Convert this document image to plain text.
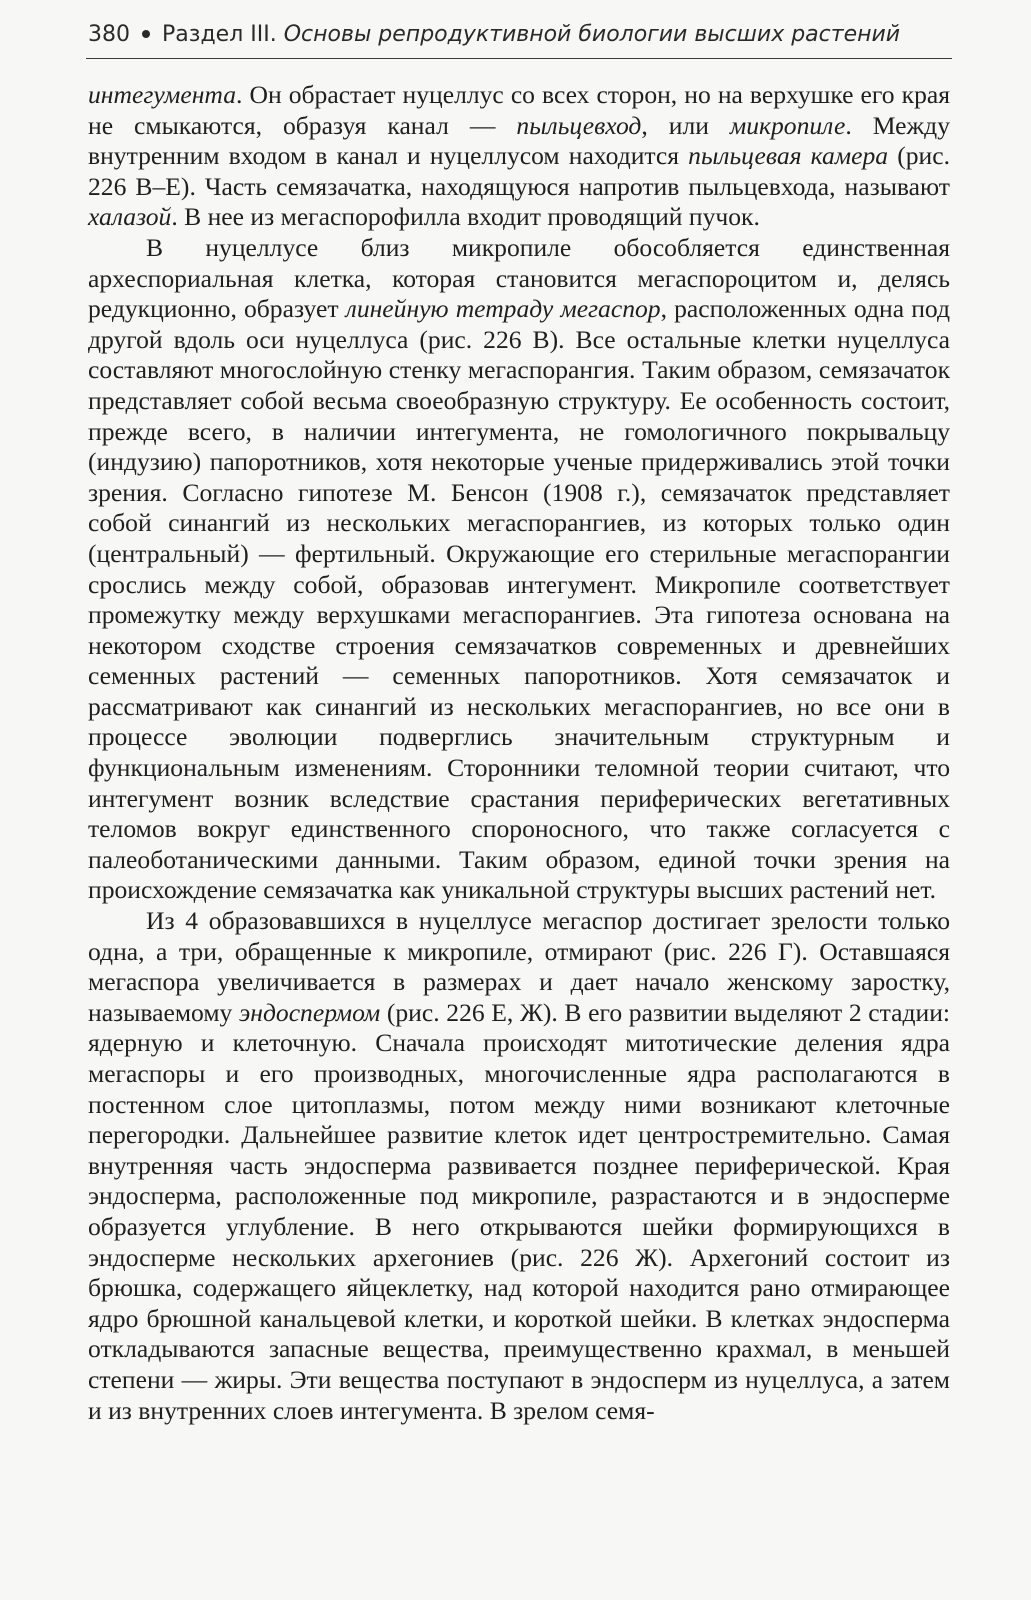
380 Раздел III. Основы репродуктивной биологии высших растений

интегумента. Он обрастает нуцеллус со всех сторон, но на верхушке его края не смыкаются, образуя канал — пыльцевход, или микропиле. Между внутренним входом в канал и нуцеллусом находится пыльцевая камера (рис. 226 В–Е). Часть семязачатка, находящуюся напротив пыльцевхода, называют халазой. В нее из мегаспорофилла входит проводящий пучок.

В нуцеллусе близ микропиле обособляется единственная археспориальная клетка, которая становится мегаспороцитом и, делясь редукционно, образует линейную тетраду мегаспор, расположенных одна под другой вдоль оси нуцеллуса (рис. 226 В). Все остальные клетки нуцеллуса составляют многослойную стенку мегаспорангия. Таким образом, семязачаток представляет собой весьма своеобразную структуру. Ее особенность состоит, прежде всего, в наличии интегумента, не гомологичного покрывальцу (индузию) папоротников, хотя некоторые ученые придерживались этой точки зрения. Согласно гипотезе М. Бенсон (1908 г.), семязачаток представляет собой синангий из нескольких мегаспорангиев, из которых только один (центральный) — фертильный. Окружающие его стерильные мегаспорангии срослись между собой, образовав интегумент. Микропиле соответствует промежутку между верхушками мегаспорангиев. Эта гипотеза основана на некотором сходстве строения семязачатков современных и древнейших семенных растений — семенных папоротников. Хотя семязачаток и рассматривают как синангий из нескольких мегаспорангиев, но все они в процессе эволюции подверглись значительным структурным и функциональным изменениям. Сторонники теломной теории считают, что интегумент возник вследствие срастания периферических вегетативных теломов вокруг единственного спороносного, что также согласуется с палеоботаническими данными. Таким образом, единой точки зрения на происхождение семязачатка как уникальной структуры высших растений нет.

Из 4 образовавшихся в нуцеллусе мегаспор достигает зрелости только одна, а три, обращенные к микропиле, отмирают (рис. 226 Г). Оставшаяся мегаспора увеличивается в размерах и дает начало женскому заростку, называемому эндоспермом (рис. 226 Е, Ж). В его развитии выделяют 2 стадии: ядерную и клеточную. Сначала происходят митотические деления ядра мегаспоры и его производных, многочисленные ядра располагаются в постенном слое цитоплазмы, потом между ними возникают клеточные перегородки. Дальнейшее развитие клеток идет центростремительно. Самая внутренняя часть эндосперма развивается позднее периферической. Края эндосперма, расположенные под микропиле, разрастаются и в эндосперме образуется углубление. В него открываются шейки формирующихся в эндосперме нескольких архегониев (рис. 226 Ж). Архегоний состоит из брюшка, содержащего яйцеклетку, над которой находится рано отмирающее ядро брюшной канальцевой клетки, и короткой шейки. В клетках эндосперма откладываются запасные вещества, преимущественно крахмал, в меньшей степени — жиры. Эти вещества поступают в эндосперм из нуцеллуса, а затем и из внутренних слоев интегумента. В зрелом семя-
